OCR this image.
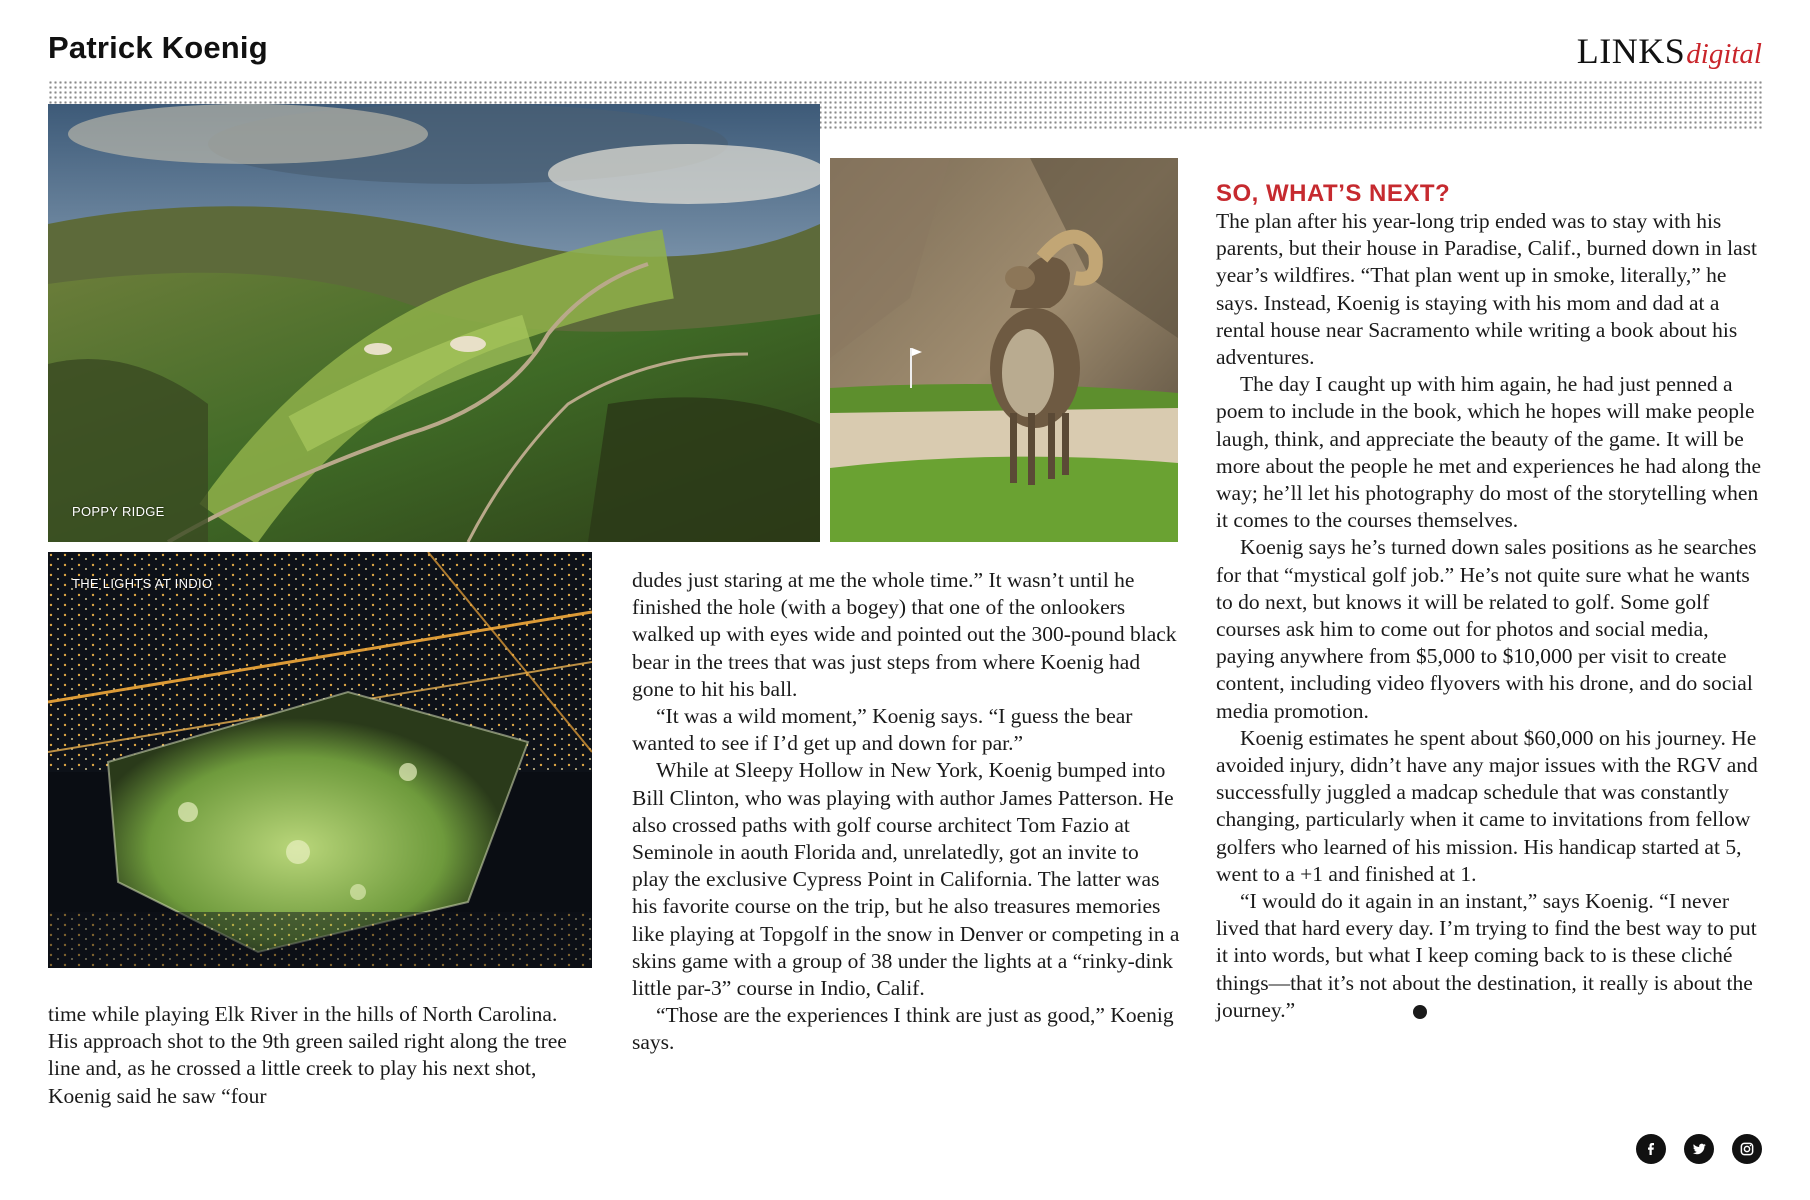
Patrick Koenig	LINKSdigital
POPPY RIDGE
THE LIGHTS AT INDIO

time while playing Elk River in the hills of North Carolina. His approach shot to the 9th green sailed right along the tree line and, as he crossed a little creek to play his next shot, Koenig said he saw “four

dudes just staring at me the whole time.” It wasn’t until he finished the hole (with a bogey) that one of the onlookers walked up with eyes wide and pointed out the 300-pound black bear in the trees that was just steps from where Koenig had gone to hit his ball.

“It was a wild moment,” Koenig says. “I guess the bear wanted to see if I’d get up and down for par.”

While at Sleepy Hollow in New York, Koenig bumped into Bill Clinton, who was playing with author James Patterson. He also crossed paths with golf course architect Tom Fazio at Seminole in aouth Florida and, unrelatedly, got an invite to play the exclusive Cypress Point in California. The latter was his favorite course on the trip, but he also treasures memories like playing at Topgolf in the snow in Denver or competing in a skins game with a group of 38 under the lights at a “rinky-dink little par-3” course in Indio, Calif.

“Those are the experiences I think are just as good,” Koenig says.

SO, WHAT’S NEXT?

The plan after his year-long trip ended was to stay with his parents, but their house in Paradise, Calif., burned down in last year’s wildfires. “That plan went up in smoke, literally,” he says. Instead, Koenig is staying with his mom and dad at a rental house near Sacramento while writing a book about his adventures.

The day I caught up with him again, he had just penned a poem to include in the book, which he hopes will make people laugh, think, and appreciate the beauty of the game. It will be more about the people he met and experiences he had along the way; he’ll let his photography do most of the storytelling when it comes to the courses themselves.

Koenig says he’s turned down sales positions as he searches for that “mystical golf job.” He’s not quite sure what he wants to do next, but knows it will be related to golf. Some golf courses ask him to come out for photos and social media, paying anywhere from $5,000 to $10,000 per visit to create content, including video flyovers with his drone, and do social media promotion.

Koenig estimates he spent about $60,000 on his journey. He avoided injury, didn’t have any major issues with the RGV and successfully juggled a madcap schedule that was constantly changing, particularly when it came to invitations from fellow golfers who learned of his mission. His handicap started at 5, went to a +1 and finished at 1.

“I would do it again in an instant,” says Koenig. “I never lived that hard every day. I’m trying to find the best way to put it into words, but what I keep coming back to is these cliché things—that it’s not about the destination, it really is about the journey.”	L
